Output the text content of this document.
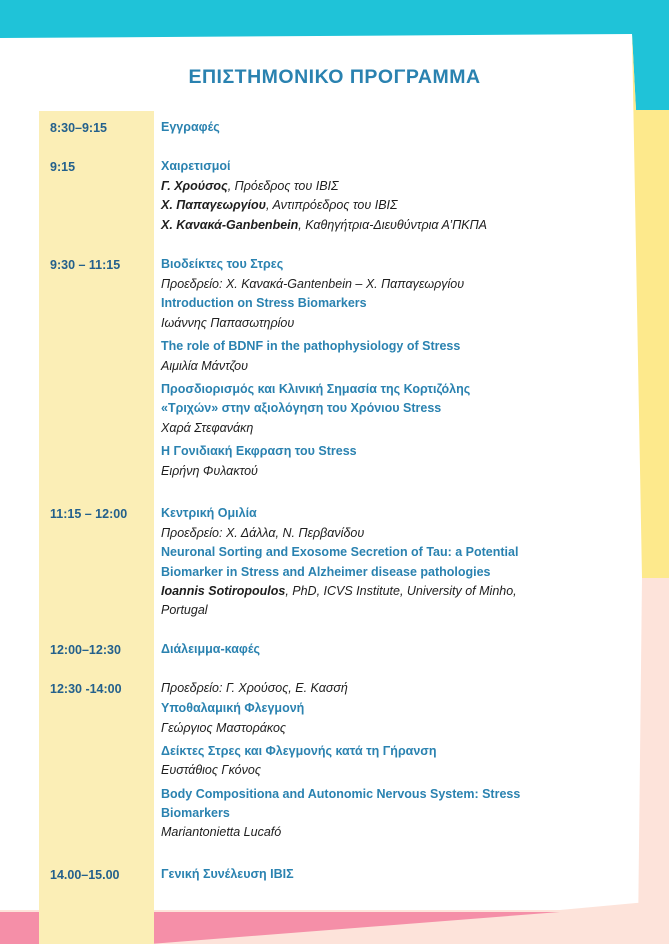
ΕΠΙΣΤΗΜΟΝΙΚΟ ΠΡΟΓΡΑΜΜΑ
8:30–9:15	Εγγραφές
9:15	Χαιρετισμοί
Γ. Χρούσος, Πρόεδρος του ΙΒΙΣ
Χ. Παπαγεωργίου, Αντιπρόεδρος του ΙΒΙΣ
Χ. Κανακά-Ganbenbein, Καθηγήτρια-Διευθύντρια Α’ΠΚΠΑ
9:30 – 11:15	Βιοδείκτες του Στρες
Προεδρείο: Χ. Κανακά-Gantenbein – Χ. Παπαγεωργίου
Introduction on Stress Biomarkers
Ιωάννης Παπασωτηρίου
The role of BDNF in the pathophysiology of Stress
Αιμιλία Μάντζου
Προσδιορισμός και Κλινική Σημασία της Κορτιζόλης
«Τριχών» στην αξιολόγηση του Χρόνιου Stress
Χαρά Στεφανάκη
Η Γονιδιακή Εκφραση του Stress
Ειρήνη Φυλακτού
11:15 – 12:00	Κεντρική Ομιλία
Προεδρείο: Χ. Δάλλα, Ν. Περβανίδου
Neuronal Sorting and Exosome Secretion of Tau: a Potential
Biomarker in Stress and Alzheimer disease pathologies
Ioannis Sotiropoulos, PhD, ICVS Institute, University of Minho,
Portugal
12:00–12:30	Διάλειμμα-καφές
12:30 -14:00	Προεδρείο: Γ. Χρούσος, Ε. Κασσή
Υποθαλαμική Φλεγμονή
Γεώργιος Μαστοράκος
Δείκτες Στρες και Φλεγμονής κατά τη Γήρανση
Ευστάθιος Γκόνος
Body Compositiona and Autonomic Nervous System: Stress
Biomarkers
Mariantonietta Lucafó
14.00–15.00	Γενική Συνέλευση ΙΒΙΣ
